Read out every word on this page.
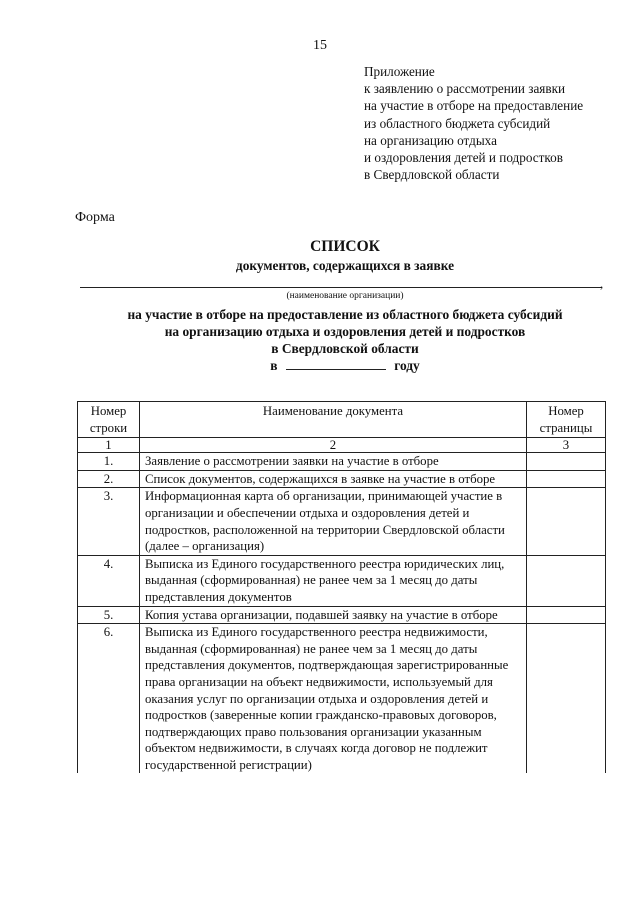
15
Приложение
к заявлению о рассмотрении заявки
на участие в отборе на предоставление
из областного бюджета субсидий
на организацию отдыха
и оздоровления детей и подростков
в Свердловской области
Форма
СПИСОК
документов, содержащихся в заявке
,
(наименование организации)
на участие в отборе на предоставление из областного бюджета субсидий
на организацию отдыха и оздоровления детей и подростков
в Свердловской области
в	году
Номер строки	Наименование документа	Номер страницы
1	2	3
1.	Заявление о рассмотрении заявки на участие в отборе	
2.	Список документов, содержащихся в заявке на участие в отборе	
3.	Информационная карта об организации, принимающей участие в организации и обеспечении отдыха и оздоровления детей и подростков, расположенной на территории Свердловской области (далее – организация)	
4.	Выписка из Единого государственного реестра юридических лиц, выданная (сформированная) не ранее чем за 1 месяц до даты представления документов	
5.	Копия устава организации, подавшей заявку на участие в отборе	
6.	Выписка из Единого государственного реестра недвижимости, выданная (сформированная) не ранее чем за 1 месяц до даты представления документов, подтверждающая зарегистрированные права организации на объект недвижимости, используемый для оказания услуг по организации отдыха и оздоровления детей и подростков (заверенные копии гражданско-правовых договоров, подтверждающих право пользования организации указанным объектом недвижимости, в случаях когда договор не подлежит государственной регистрации)	
